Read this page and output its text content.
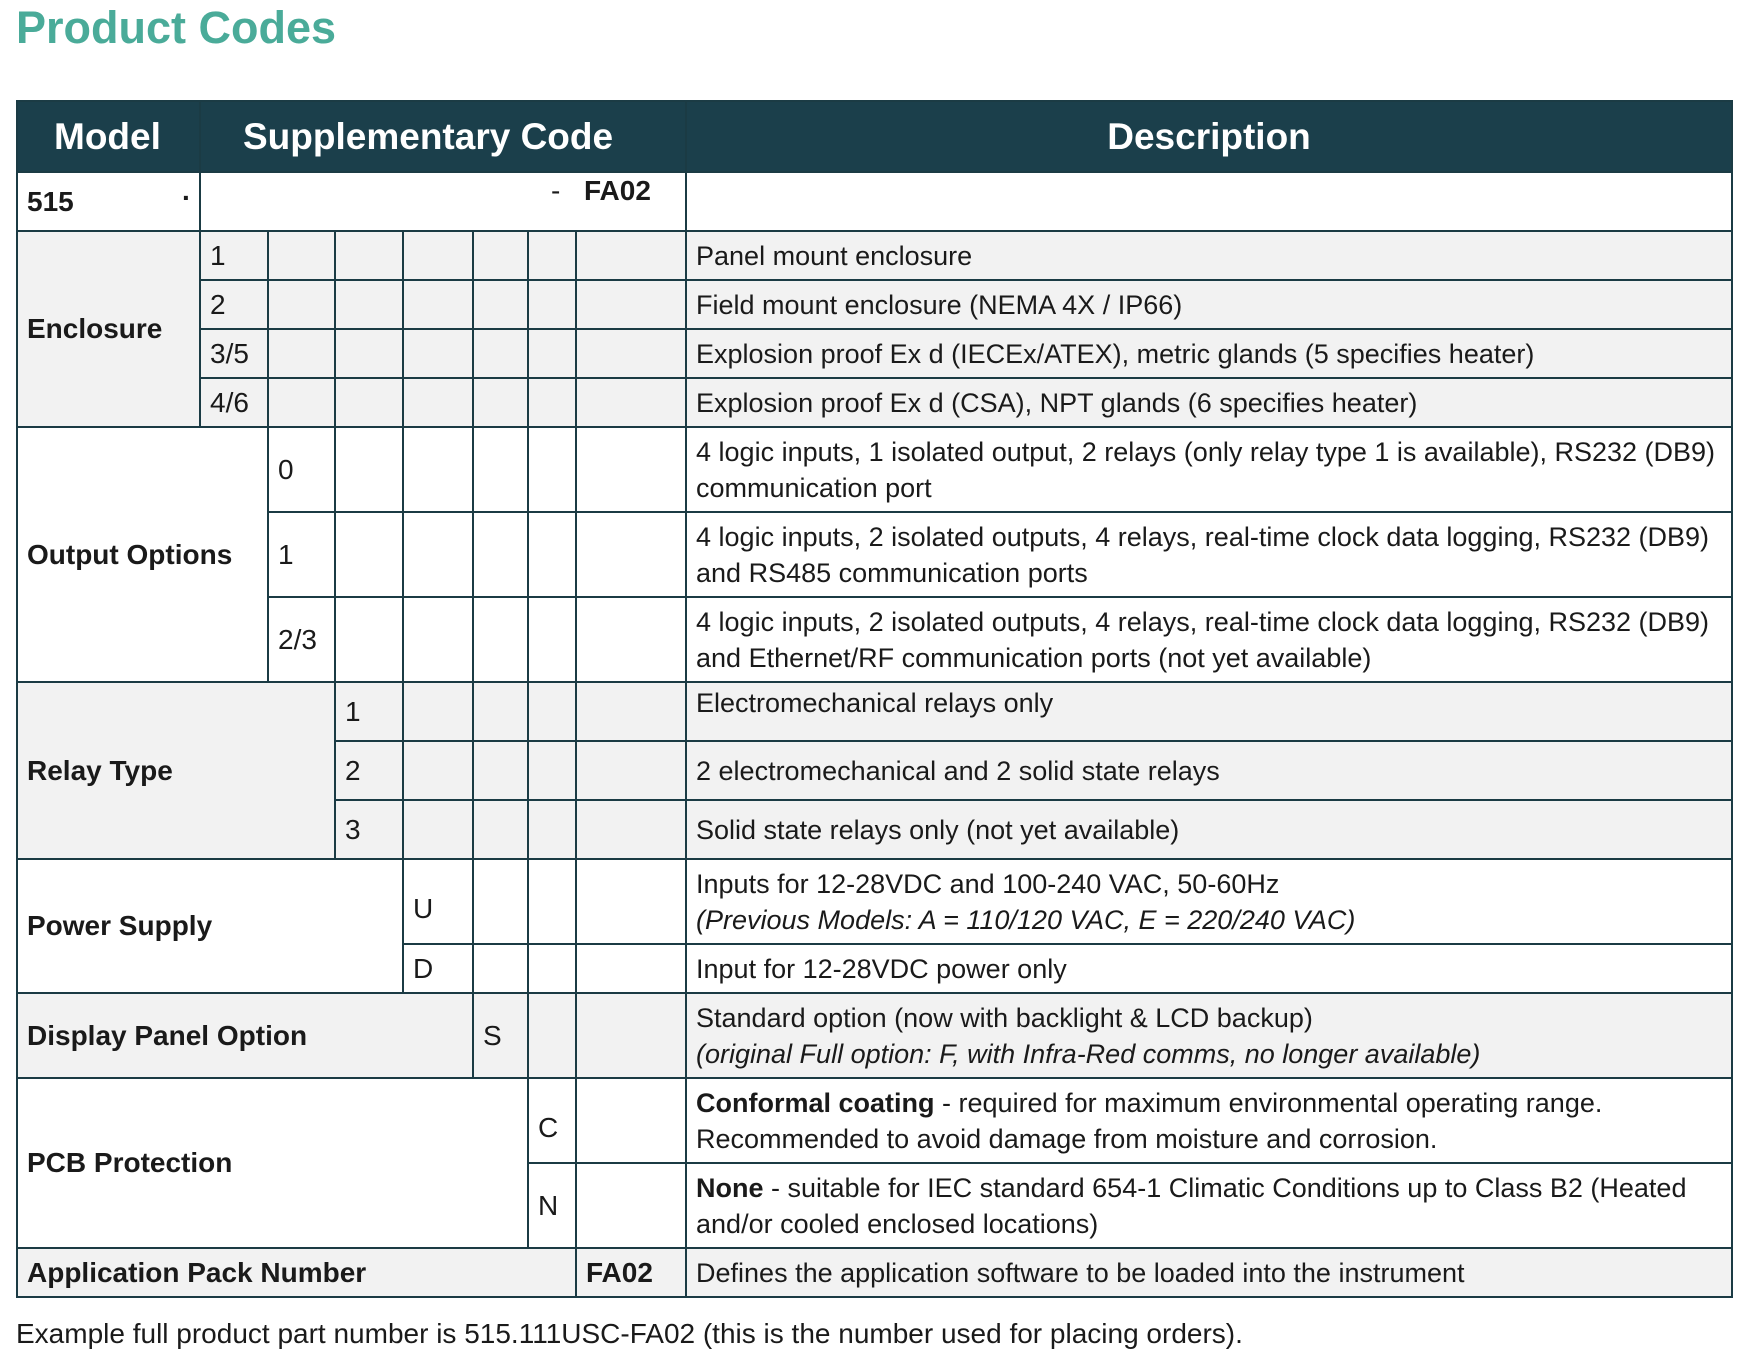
Product Codes
Model	Supplementary Code							Description
515 .	- FA02							

Enclosure	1							Panel mount enclosure
	2							Field mount enclosure (NEMA 4X / IP66)
	3/5							Explosion proof Ex d (IECEx/ATEX), metric glands (5 specifies heater)
	4/6							Explosion proof Ex d (CSA), NPT glands (6 specifies heater)
Output Options		0						4 logic inputs, 1 isolated output, 2 relays (only relay type 1 is available), RS232 (DB9) communication port
		1						4 logic inputs, 2 isolated outputs, 4 relays, real-time clock data logging, RS232 (DB9) and RS485 communication ports
		2/3						4 logic inputs, 2 isolated outputs, 4 relays, real-time clock data logging, RS232 (DB9) and Ethernet/RF communication ports (not yet available)
Relay Type			1					Electromechanical relays only
			2					2 electromechanical and 2 solid state relays
			3					Solid state relays only (not yet available)
Power Supply				U				Inputs for 12-28VDC and 100-240 VAC, 50-60Hz
(Previous Models: A = 110/120 VAC, E = 220/240 VAC)

				D				Input for 12-28VDC power only
Display Panel Option					S			Standard option (now with backlight & LCD backup)
(original Full option: F, with Infra-Red comms, no longer available)

PCB Protection						C		Conformal coating - required for maximum environmental operating range. Recommended to avoid damage from moisture and corrosion.
						N		None - suitable for IEC standard 654-1 Climatic Conditions up to Class B2 (Heated and/or cooled enclosed locations)
Application Pack Number							FA02	Defines the application software to be loaded into the instrument

Example full product part number is 515.111USC-FA02 (this is the number used for placing orders).
